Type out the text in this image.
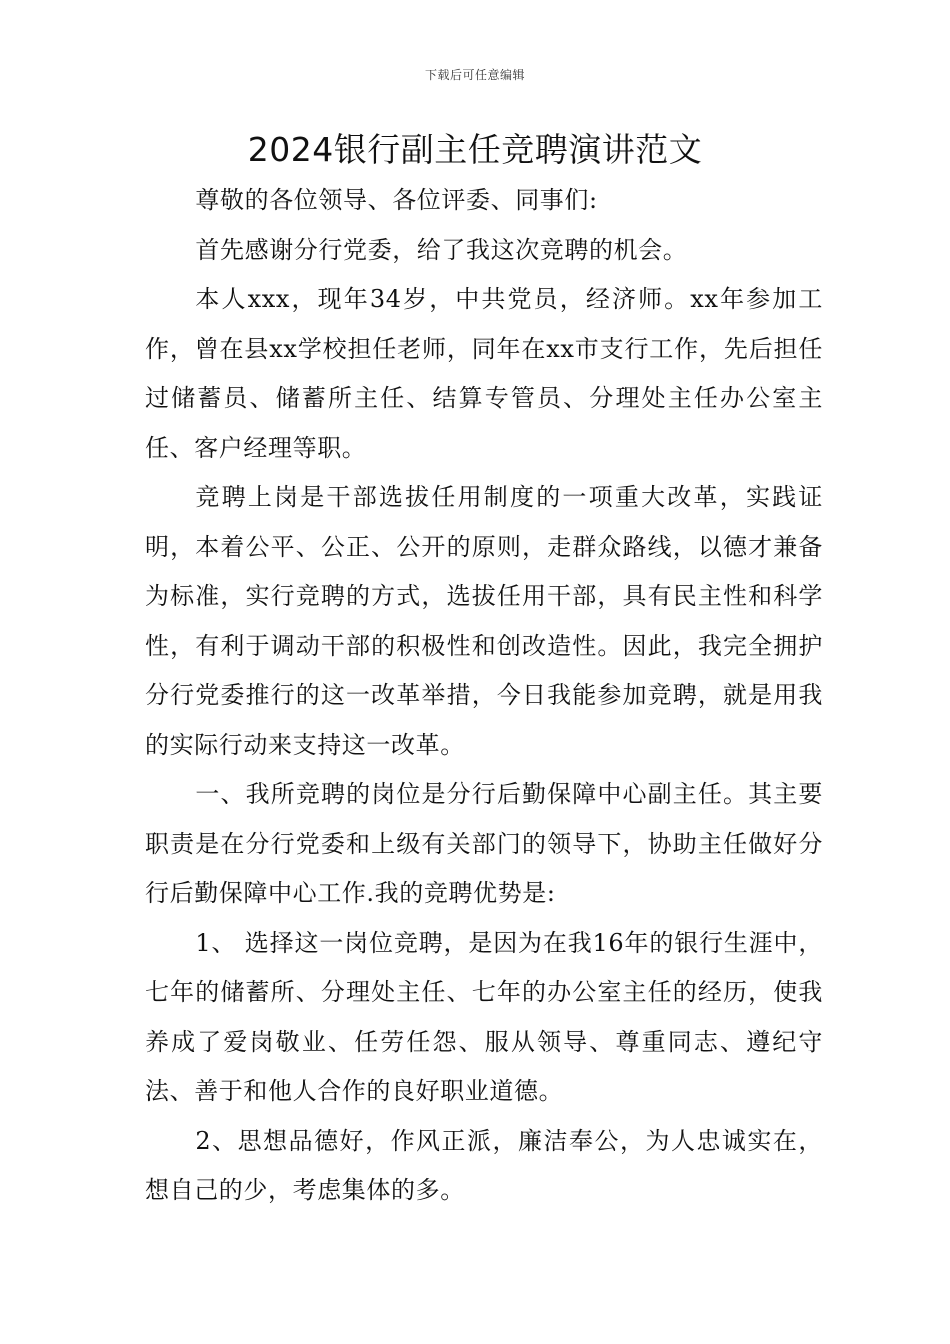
下载后可任意编辑
2024银行副主任竞聘演讲范文

尊敬的各位领导、各位评委、同事们:

首先感谢分行党委，给了我这次竞聘的机会。

本人xxx，现年34岁，中共党员，经济师。xx年参加工作，曾在县xx学校担任老师，同年在xx市支行工作，先后担任过储蓄员、储蓄所主任、结算专管员、分理处主任办公室主任、客户经理等职。

竞聘上岗是干部选拔任用制度的一项重大改革，实践证明，本着公平、公正、公开的原则，走群众路线，以德才兼备为标准，实行竞聘的方式，选拔任用干部，具有民主性和科学性，有利于调动干部的积极性和创改造性。因此，我完全拥护分行党委推行的这一改革举措，今日我能参加竞聘，就是用我的实际行动来支持这一改革。

一、我所竞聘的岗位是分行后勤保障中心副主任。其主要职责是在分行党委和上级有关部门的领导下，协助主任做好分行后勤保障中心工作.我的竞聘优势是:

1、 选择这一岗位竞聘，是因为在我16年的银行生涯中，七年的储蓄所、分理处主任、七年的办公室主任的经历，使我养成了爱岗敬业、任劳任怨、服从领导、尊重同志、遵纪守法、善于和他人合作的良好职业道德。

2、思想品德好，作风正派，廉洁奉公，为人忠诚实在，想自己的少，考虑集体的多。
